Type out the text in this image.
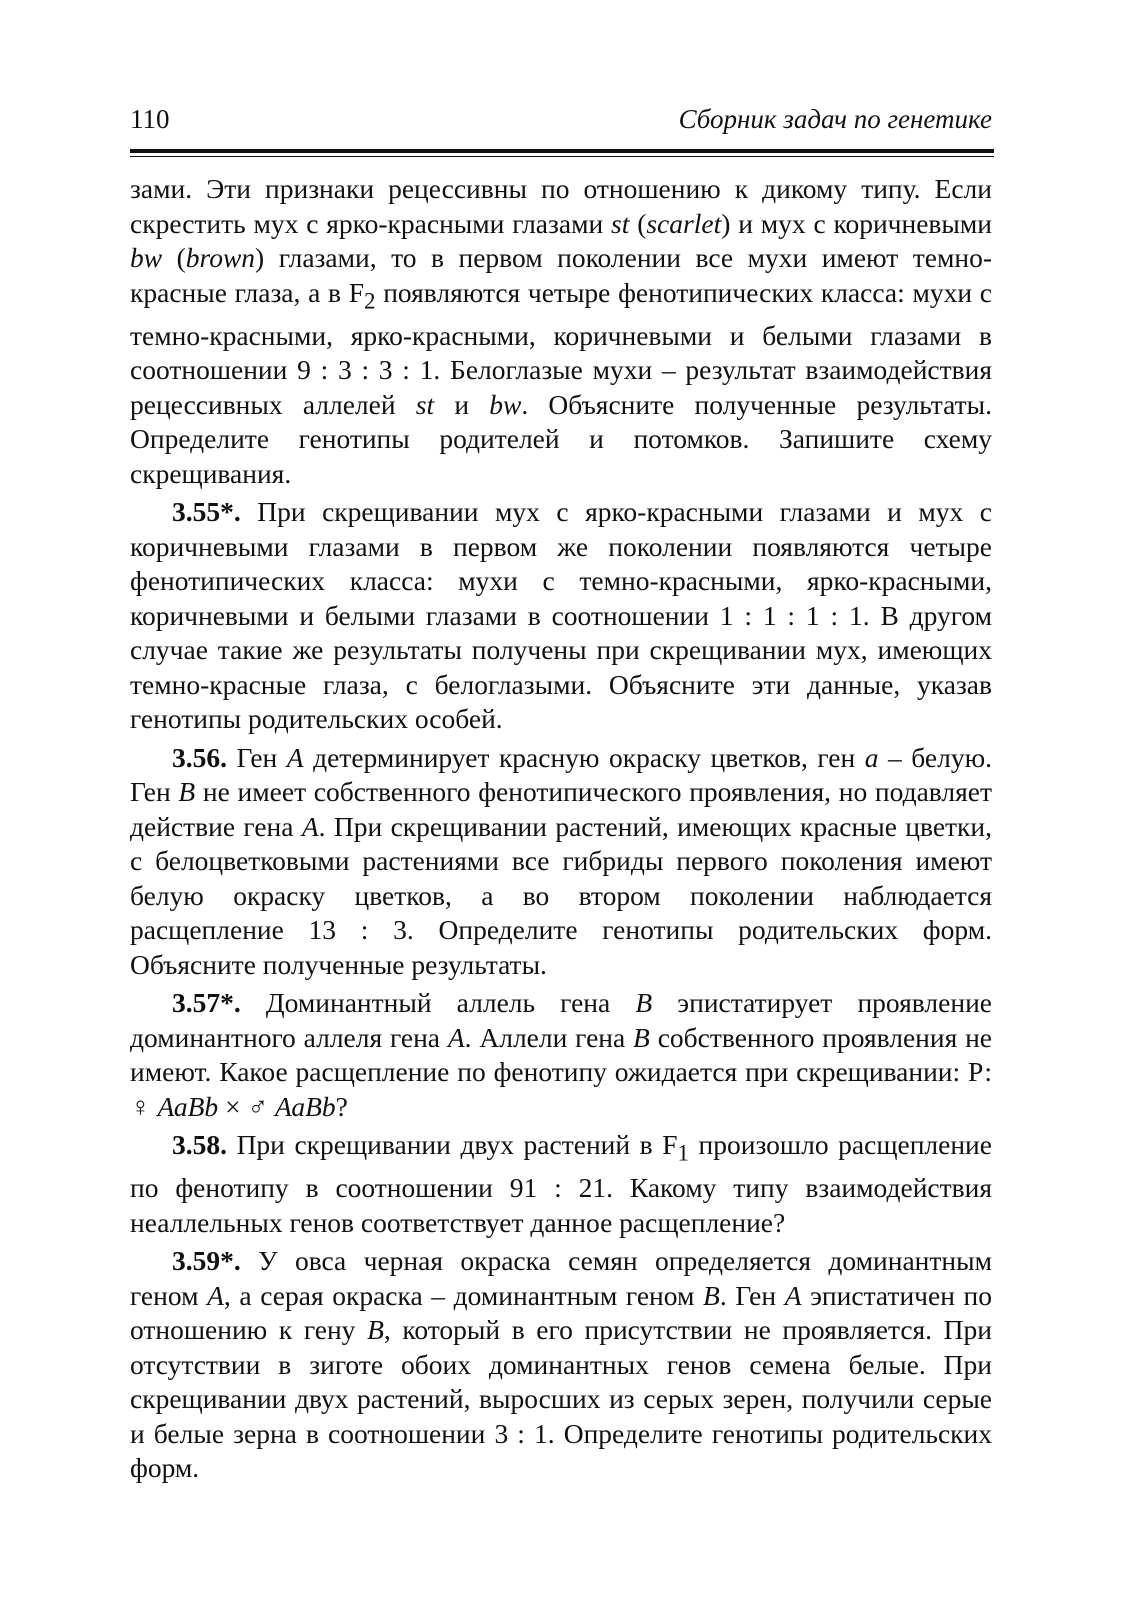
110	Сборник задач по генетике

зами. Эти признаки рецессивны по отношению к дикому типу. Если скрестить мух с ярко-красными глазами st (scarlet) и мух с коричневыми bw (brown) глазами, то в первом поколении все мухи имеют темно-красные глаза, а в $F_2$ появляются четыре фенотипических класса: мухи с темно-красными, ярко-красными, коричневыми и белыми глазами в соотношении 9 : 3 : 3 : 1. Белоглазые мухи – результат взаимодействия рецессивных аллелей st и bw. Объясните полученные результаты. Определите генотипы родителей и потомков. Запишите схему скрещивания.

3.55*. При скрещивании мух с ярко-красными глазами и мух с коричневыми глазами в первом же поколении появляются четыре фенотипических класса: мухи с темно-красными, ярко-красными, коричневыми и белыми глазами в соотношении 1 : 1 : 1 : 1. В другом случае такие же результаты получены при скрещивании мух, имеющих темно-красные глаза, с белоглазыми. Объясните эти данные, указав генотипы родительских особей.

3.56. Ген А детерминирует красную окраску цветков, ген а – белую. Ген В не имеет собственного фенотипического проявления, но подавляет действие гена А. При скрещивании растений, имеющих красные цветки, с белоцветковыми растениями все гибриды первого поколения имеют белую окраску цветков, а во втором поколении наблюдается расщепление 13 : 3. Определите генотипы родительских форм. Объясните полученные результаты.

3.57*. Доминантный аллель гена В эпистатирует проявление доминантного аллеля гена А. Аллели гена В собственного проявления не имеют. Какое расщепление по фенотипу ожидается при скрещивании: Р: ♀ АаВb × ♂ АаВb?

3.58. При скрещивании двух растений в $F_1$ произошло расщепление по фенотипу в соотношении 91 : 21. Какому типу взаимодействия неаллельных генов соответствует данное расщепление?

3.59*. У овса черная окраска семян определяется доминантным геном А, а серая окраска – доминантным геном В. Ген А эпистатичен по отношению к гену В, который в его присутствии не проявляется. При отсутствии в зиготе обоих доминантных генов семена белые. При скрещивании двух растений, выросших из серых зерен, получили серые и белые зерна в соотношении 3 : 1. Определите генотипы родительских форм.
